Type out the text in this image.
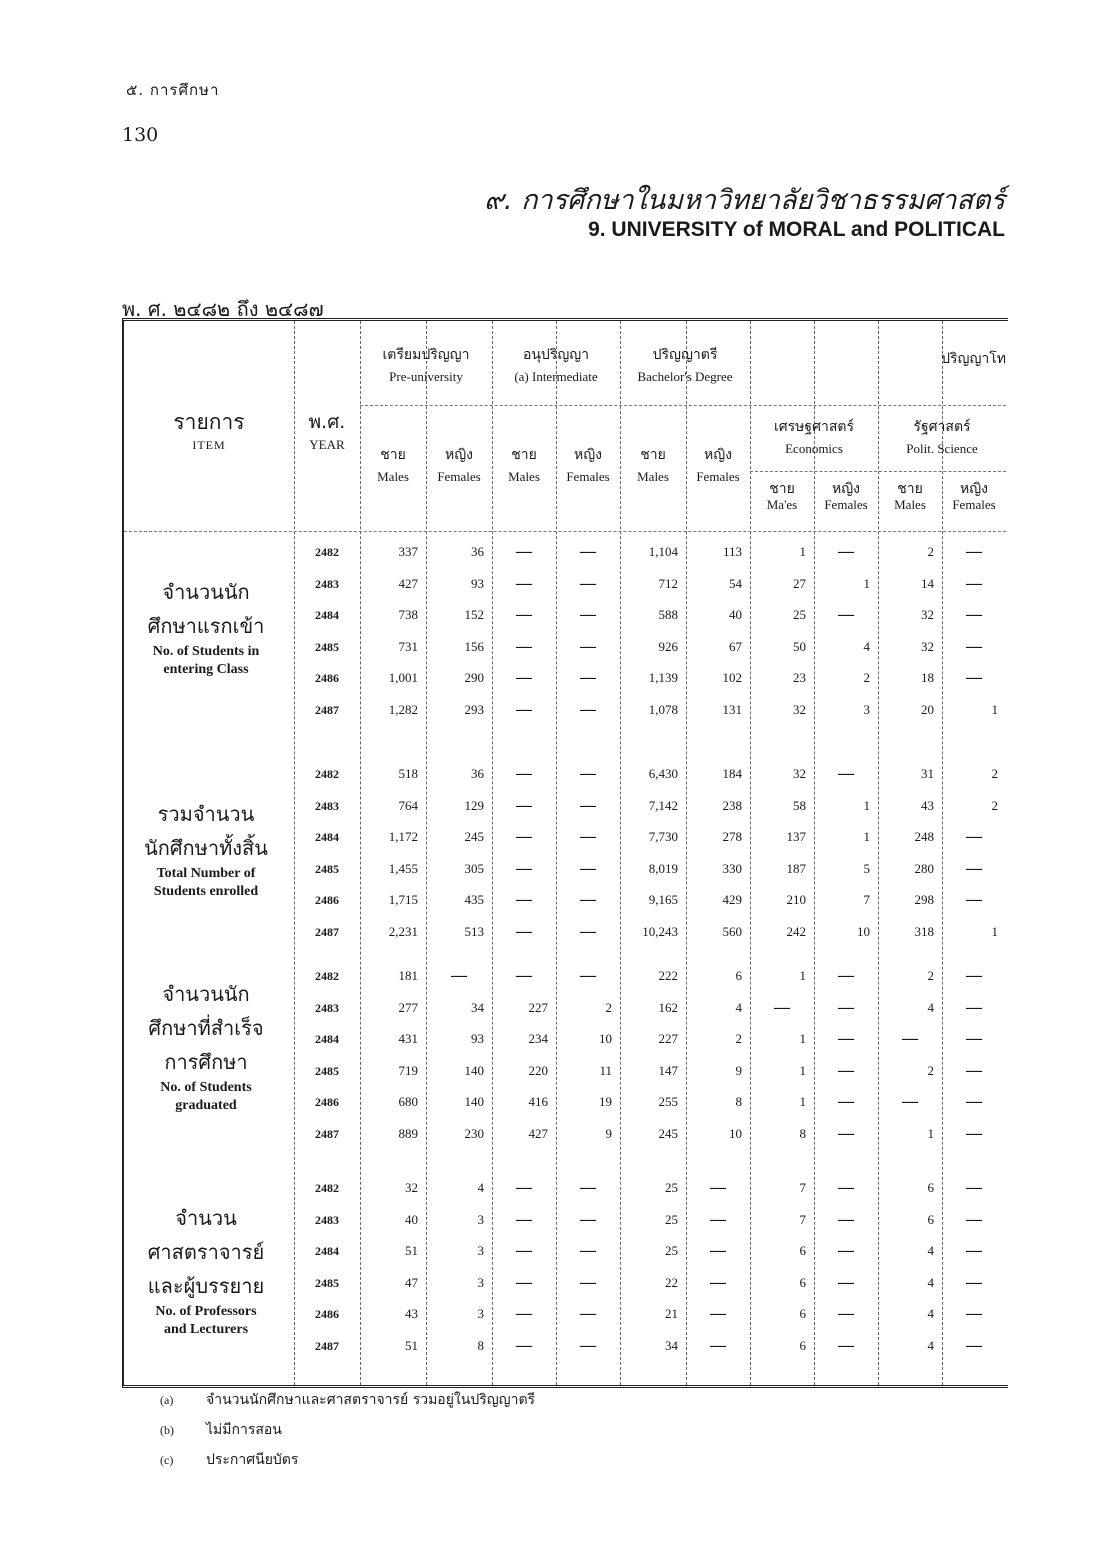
๕. การศึกษา
130
๙. การศึกษาในมหาวิทยาลัยวิชาธรรมศาสตร์
9. UNIVERSITY of MORAL and POLITICAL
พ. ศ. ๒๔๘๒ ถึง ๒๔๘๗
รายการ
ITEM
พ.ศ.
YEAR
เตรียมปริญญา
Pre-university
อนุปริญญา
(a) Intermediate
ปริญญาตรี
Bachelor's Degree
ปริญญาโท
เศรษฐศาสตร์
Economics
รัฐศาสตร์
Polit. Science
ชาย
Males
หญิง
Females
ชาย
Males
หญิง
Females
ชาย
Males
หญิง
Females
ชาย
Ma'es
หญิง
Females
ชาย
Males
หญิง
Females
จำนวนนัก
ศึกษาแรกเข้า
No. of Students in
entering Class
รวมจำนวน
นักศึกษาทั้งสิ้น
Total Number of
Students enrolled
จำนวนนัก
ศึกษาที่สำเร็จ
การศึกษา
No. of Students
graduated
จำนวน
ศาสตราจารย์
และผู้บรรยาย
No. of Professors
and Lecturers
2482	337	36	—	—	1,104	113	1	—	2	—
2483	427	93	—	—	712	54	27	1	14	—
2484	738	152	—	—	588	40	25	—	32	—
2485	731	156	—	—	926	67	50	4	32	—
2486	1,001	290	—	—	1,139	102	23	2	18	—
2487	1,282	293	—	—	1,078	131	32	3	20	1
2482	518	36	—	—	6,430	184	32	—	31	2
2483	764	129	—	—	7,142	238	58	1	43	2
2484	1,172	245	—	—	7,730	278	137	1	248	—
2485	1,455	305	—	—	8,019	330	187	5	280	—
2486	1,715	435	—	—	9,165	429	210	7	298	—
2487	2,231	513	—	—	10,243	560	242	10	318	1
2482	181	—	—	—	222	6	1	—	2	—
2483	277	34	227	2	162	4	—	—	4	—
2484	431	93	234	10	227	2	1	—	—	—
2485	719	140	220	11	147	9	1	—	2	—
2486	680	140	416	19	255	8	1	—	—	—
2487	889	230	427	9	245	10	8	—	1	—
2482	32	4	—	—	25	—	7	—	6	—
2483	40	3	—	—	25	—	7	—	6	—
2484	51	3	—	—	25	—	6	—	4	—
2485	47	3	—	—	22	—	6	—	4	—
2486	43	3	—	—	21	—	6	—	4	—
2487	51	8	—	—	34	—	6	—	4	—
(a)	จำนวนนักศึกษาและศาสตราจารย์ รวมอยู่ในปริญญาตรี
(b)	ไม่มีการสอน
(c)	ประกาศนียบัตร
